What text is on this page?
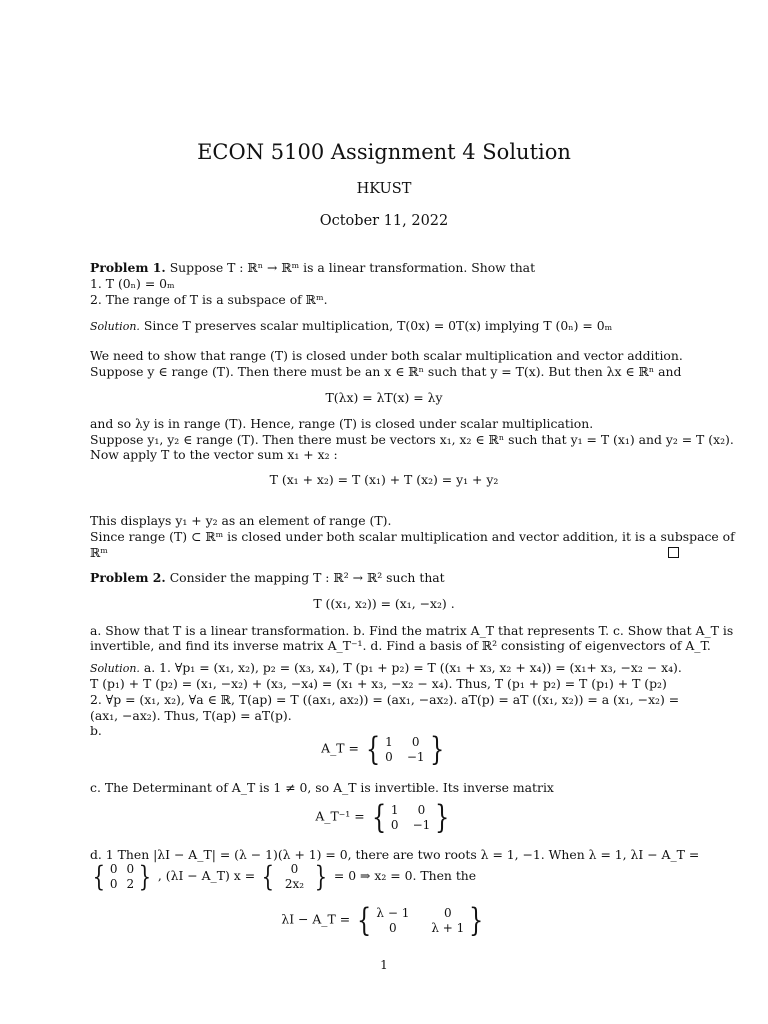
ECON 5100 Assignment 4 Solution
HKUST
October 11, 2022
Problem 1. Suppose T : ℝⁿ → ℝᵐ is a linear transformation. Show that
1. T (0ₙ) = 0ₘ
2. The range of T is a subspace of ℝᵐ.
Solution. Since T preserves scalar multiplication, T(0x) = 0T(x) implying T (0ₙ) = 0ₘ
We need to show that range (T) is closed under both scalar multiplication and vector addition.
Suppose y ∈ range (T). Then there must be an x ∈ ℝⁿ such that y = T(x). But then λx ∈ ℝⁿ and
T(λx) = λT(x) = λy
and so λy is in range (T). Hence, range (T) is closed under scalar multiplication.
Suppose y₁, y₂ ∈ range (T). Then there must be vectors x₁, x₂ ∈ ℝⁿ such that y₁ = T (x₁) and y₂ = T (x₂).
Now apply T to the vector sum x₁ + x₂ :
T (x₁ + x₂) = T (x₁) + T (x₂) = y₁ + y₂
This displays y₁ + y₂ as an element of range (T).
Since range (T) ⊂ ℝᵐ is closed under both scalar multiplication and vector addition, it is a subspace of
ℝᵐ
Problem 2. Consider the mapping T : ℝ² → ℝ² such that
T ((x₁, x₂)) = (x₁, −x₂) .
a. Show that T is a linear transformation. b. Find the matrix A_T that represents T. c. Show that A_T is
invertible, and find its inverse matrix A_T⁻¹. d. Find a basis of ℝ² consisting of eigenvectors of A_T.
Solution. a. 1. ∀p₁ = (x₁, x₂), p₂ = (x₃, x₄), T (p₁ + p₂) = T ((x₁ + x₃, x₂ + x₄)) = (x₁+ x₃, −x₂ − x₄).
T (p₁) + T (p₂) = (x₁, −x₂) + (x₃, −x₄) = (x₁ + x₃, −x₂ − x₄). Thus, T (p₁ + p₂) = T (p₁) + T (p₂)
2. ∀p = (x₁, x₂), ∀a ∈ ℝ, T(ap) = T ((ax₁, ax₂)) = (ax₁, −ax₂). aT(p) = aT ((x₁, x₂)) = a (x₁, −x₂) =
(ax₁, −ax₂). Thus, T(ap) = aT(p).
b.
A_T = { 1	0
0 −1 }
c. The Determinant of A_T is 1 ≠ 0, so A_T is invertible. Its inverse matrix
A_T⁻¹ = { 1	0
0 −1 }
d. 1 Then |λI − A_T| = (λ − 1)(λ + 1) = 0, there are two roots λ = 1, −1. When λ = 1, λI − A_T =
{ 0 0
0 2 } , (λI − A_T) x = {	0
2x₂ } = 0 ⇒ x₂ = 0. Then the
λI − A_T = { λ − 1	0
0	λ + 1 }
1
